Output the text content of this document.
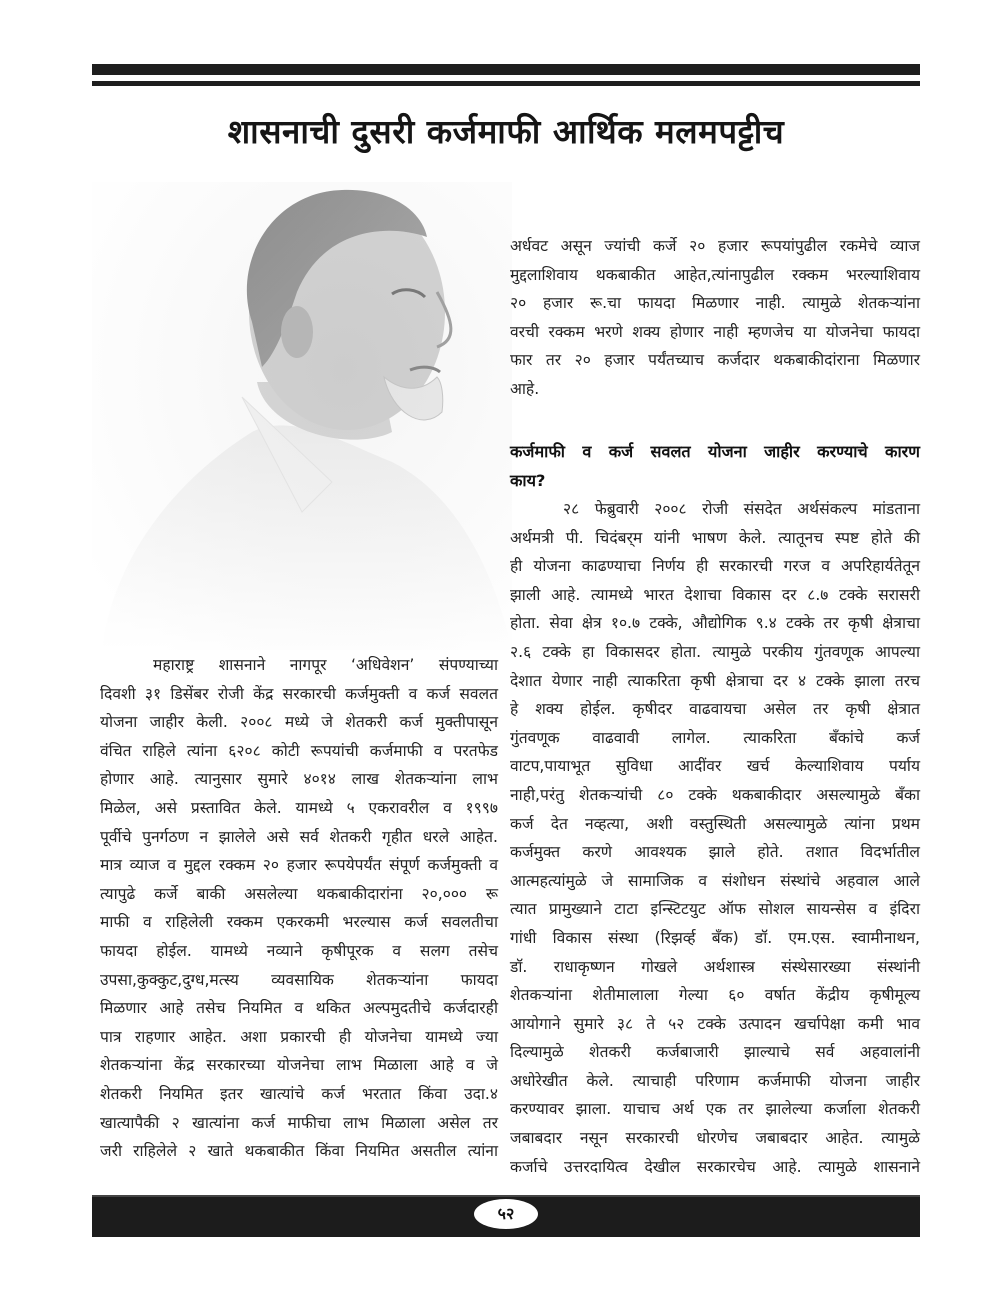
शासनाची दुसरी कर्जमाफी आर्थिक मलमपट्टीच
अर्धवट असून ज्यांची कर्जे २० हजार रूपयांपुढील रकमेचे व्याज
मुद्दलाशिवाय थकबाकीत आहेत,त्यांनापुढील रक्कम भरल्याशिवाय
२० हजार रू.चा फायदा मिळणार नाही. त्यामुळे शेतकऱ्यांना
वरची रक्कम भरणे शक्य होणार नाही म्हणजेच या योजनेचा फायदा
फार तर २० हजार पर्यंतच्याच कर्जदार थकबाकीदांराना मिळणार
आहे.
कर्जमाफी व कर्ज सवलत योजना जाहीर करण्याचे कारण
काय?
२८ फेब्रुवारी २००८ रोजी संसदेत अर्थसंकल्प मांडताना
अर्थमत्री पी. चिदंबर्‌म यांनी भाषण केले. त्यातूनच स्पष्ट होते की
ही योजना काढण्याचा निर्णय ही सरकारची गरज व अपरिहार्यतेतून
झाली आहे. त्यामध्ये भारत देशाचा विकास दर ८.७ टक्के सरासरी
होता. सेवा क्षेत्र १०.७ टक्के, औद्योगिक ९.४ टक्के तर कृषी क्षेत्राचा
२.६ टक्के हा विकासदर होता. त्यामुळे परकीय गुंतवणूक आपल्या
देशात येणार नाही त्याकरिता कृषी क्षेत्राचा दर ४ टक्के झाला तरच
हे शक्य होईल. कृषीदर वाढवायचा असेल तर कृषी क्षेत्रात
गुंतवणूक वाढवावी लागेल. त्याकरिता बँकांचे कर्ज
वाटप,पायाभूत सुविधा आदींवर खर्च केल्याशिवाय पर्याय
नाही,परंतु शेतकऱ्यांची ८० टक्के थकबाकीदार असल्यामुळे बँका
कर्ज देत नव्हत्या, अशी वस्तुस्थिती असल्यामुळे त्यांना प्रथम
कर्जमुक्त करणे आवश्यक झाले होते. तशात विदर्भातील
आत्महत्यांमुळे जे सामाजिक व संशोधन संस्थांचे अहवाल आले
त्यात प्रामुख्याने टाटा इन्स्टिटयुट ऑफ सोशल सायन्सेस व इंदिरा
गांधी विकास संस्था (रिझर्व्ह बँक) डॉ. एम.एस. स्वामीनाथन,
डॉ. राधाकृष्णन गोखले अर्थशास्त्र संस्थेसारख्या संस्थांनी
शेतकऱ्यांना शेतीमालाला गेल्या ६० वर्षात केंद्रीय कृषीमूल्य
आयोगाने सुमारे ३८ ते ५२ टक्के उत्पादन खर्चापेक्षा कमी भाव
दिल्यामुळे शेतकरी कर्जबाजारी झाल्याचे सर्व अहवालांनी
अधोरेखीत केले. त्याचाही परिणाम कर्जमाफी योजना जाहीर
करण्यावर झाला. याचाच अर्थ एक तर झालेल्या कर्जाला शेतकरी
जबाबदार नसून सरकारची धोरणेच जबाबदार आहेत. त्यामुळे
कर्जाचे उत्तरदायित्व देखील सरकारचेच आहे. त्यामुळे शासनाने
महाराष्ट्र शासनाने नागपूर ‘अधिवेशन’ संपण्याच्या
दिवशी ३१ डिसेंबर रोजी केंद्र सरकारची कर्जमुक्ती व कर्ज सवलत
योजना जाहीर केली. २००८ मध्ये जे शेतकरी कर्ज मुक्तीपासून
वंचित राहिले त्यांना ६२०८ कोटी रूपयांची कर्जमाफी व परतफेड
होणार आहे. त्यानुसार सुमारे ४०१४ लाख शेतकऱ्यांना लाभ
मिळेल, असे प्रस्तावित केले. यामध्ये ५ एकरावरील व १९९७
पूर्वीचे पुनर्गठण न झालेले असे सर्व शेतकरी गृहीत धरले आहेत.
मात्र व्याज व मुद्दल रक्कम २० हजार रूपयेपर्यंत संपूर्ण कर्जमुक्ती व
त्यापुढे कर्जे बाकी असलेल्या थकबाकीदारांना २०,००० रू
माफी व राहिलेली रक्कम एकरकमी भरल्यास कर्ज सवलतीचा
फायदा होईल. यामध्ये नव्याने कृषीपूरक व सलग तसेच
उपसा,कुक्कुट,दुग्ध,मत्स्य व्यवसायिक शेतकऱ्यांना फायदा
मिळणार आहे तसेच नियमित व थकित अल्पमुदतीचे कर्जदारही
पात्र राहणार आहेत. अशा प्रकारची ही योजनेचा यामध्ये ज्या
शेतकऱ्यांना केंद्र सरकारच्या योजनेचा लाभ मिळाला आहे व जे
शेतकरी नियमित इतर खात्यांचे कर्ज भरतात किंवा उदा.४
खात्यापैकी २ खात्यांना कर्ज माफीचा लाभ मिळाला असेल तर
जरी राहिलेले २ खाते थकबाकीत किंवा नियमित असतील त्यांना
५२
